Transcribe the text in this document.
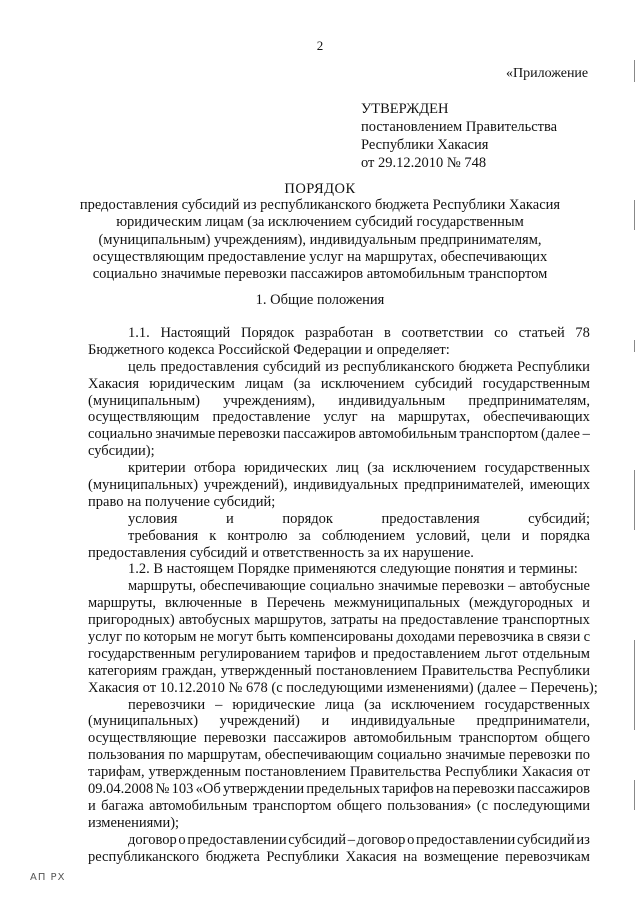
2
«Приложение
УТВЕРЖДЕН
постановлением Правительства
Республики Хакасия
от 29.12.2010 № 748
ПОРЯДОК
предоставления субсидий из республиканского бюджета Республики Хакасия
юридическим лицам (за исключением субсидий государственным
(муниципальным) учреждениям), индивидуальным предпринимателям,
осуществляющим предоставление услуг на маршрутах, обеспечивающих
социально значимые перевозки пассажиров автомобильным транспортом
1. Общие положения
1.1. Настоящий Порядок разработан в соответствии со статьей 78
Бюджетного кодекса Российской Федерации и определяет:
цель предоставления субсидий из республиканского бюджета Республики
Хакасия юридическим лицам (за исключением субсидий государственным
(муниципальным) учреждениям), индивидуальным предпринимателям,
осуществляющим предоставление услуг на маршрутах, обеспечивающих
социально значимые перевозки пассажиров автомобильным транспортом (далее –
субсидии);
критерии отбора юридических лиц (за исключением государственных
(муниципальных) учреждений), индивидуальных предпринимателей, имеющих
право на получение субсидий;
условия	и	порядок	предоставления	субсидий;
требования к контролю за соблюдением условий, цели и порядка
предоставления субсидий и ответственность за их нарушение.
1.2. В настоящем Порядке применяются следующие понятия и термины:
маршруты, обеспечивающие социально значимые перевозки – автобусные
маршруты, включенные в Перечень межмуниципальных (междугородных и
пригородных) автобусных маршрутов, затраты на предоставление транспортных
услуг по которым не могут быть компенсированы доходами перевозчика в связи с
государственным регулированием тарифов и предоставлением льгот отдельным
категориям граждан, утвержденный постановлением Правительства Республики
Хакасия от 10.12.2010 № 678 (с последующими изменениями) (далее – Перечень);
перевозчики – юридические лица (за исключением государственных
(муниципальных) учреждений) и индивидуальные предприниматели,
осуществляющие перевозки пассажиров автомобильным транспортом общего
пользования по маршрутам, обеспечивающим социально значимые перевозки по
тарифам, утвержденным постановлением Правительства Республики Хакасия от
09.04.2008 № 103 «Об утверждении предельных тарифов на перевозки пассажиров
и багажа автомобильным транспортом общего пользования» (с последующими
изменениями);
договор о предоставлении субсидий – договор о предоставлении субсидий из
республиканского бюджета Республики Хакасия на возмещение перевозчикам
АП РХ
